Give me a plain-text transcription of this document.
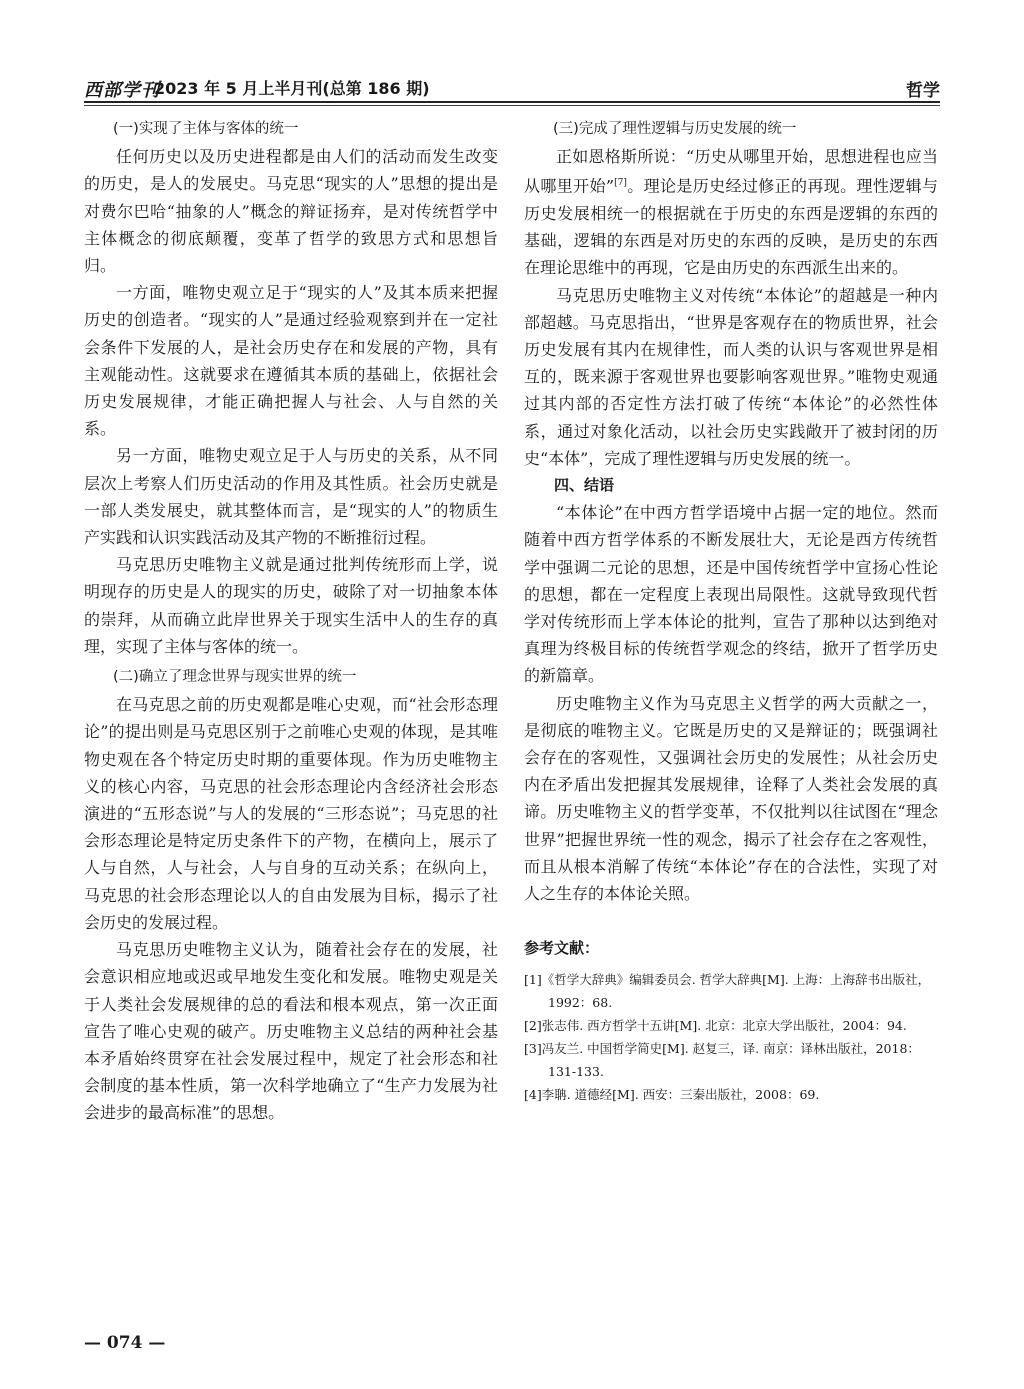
西部学刊
2023 年 5 月上半月刊(总第 186 期)	哲学

(一)实现了主体与客体的统一

任何历史以及历史进程都是由人们的活动而发生改变的历史，是人的发展史。马克思“现实的人”思想的提出是对费尔巴哈“抽象的人”概念的辩证扬弃，是对传统哲学中主体概念的彻底颠覆，变革了哲学的致思方式和思想旨归。

一方面，唯物史观立足于“现实的人”及其本质来把握历史的创造者。“现实的人”是通过经验观察到并在一定社会条件下发展的人，是社会历史存在和发展的产物，具有主观能动性。这就要求在遵循其本质的基础上，依据社会历史发展规律，才能正确把握人与社会、人与自然的关系。

另一方面，唯物史观立足于人与历史的关系，从不同层次上考察人们历史活动的作用及其性质。社会历史就是一部人类发展史，就其整体而言，是“现实的人”的物质生产实践和认识实践活动及其产物的不断推衍过程。

马克思历史唯物主义就是通过批判传统形而上学，说明现存的历史是人的现实的历史，破除了对一切抽象本体的崇拜，从而确立此岸世界关于现实生活中人的生存的真理，实现了主体与客体的统一。

(二)确立了理念世界与现实世界的统一

在马克思之前的历史观都是唯心史观，而“社会形态理论”的提出则是马克思区别于之前唯心史观的体现，是其唯物史观在各个特定历史时期的重要体现。作为历史唯物主义的核心内容，马克思的社会形态理论内含经济社会形态演进的“五形态说”与人的发展的“三形态说”；马克思的社会形态理论是特定历史条件下的产物，在横向上，展示了人与自然，人与社会，人与自身的互动关系；在纵向上，马克思的社会形态理论以人的自由发展为目标，揭示了社会历史的发展过程。

马克思历史唯物主义认为，随着社会存在的发展，社会意识相应地或迟或早地发生变化和发展。唯物史观是关于人类社会发展规律的总的看法和根本观点，第一次正面宣告了唯心史观的破产。历史唯物主义总结的两种社会基本矛盾始终贯穿在社会发展过程中，规定了社会形态和社会制度的基本性质，第一次科学地确立了“生产力发展为社会进步的最高标准”的思想。

(三)完成了理性逻辑与历史发展的统一

正如恩格斯所说：“历史从哪里开始，思想进程也应当从哪里开始”[7]。理论是历史经过修正的再现。理性逻辑与历史发展相统一的根据就在于历史的东西是逻辑的东西的基础，逻辑的东西是对历史的东西的反映，是历史的东西在理论思维中的再现，它是由历史的东西派生出来的。

马克思历史唯物主义对传统“本体论”的超越是一种内部超越。马克思指出，“世界是客观存在的物质世界，社会历史发展有其内在规律性，而人类的认识与客观世界是相互的，既来源于客观世界也要影响客观世界。”唯物史观通过其内部的否定性方法打破了传统“本体论”的必然性体系，通过对象化活动，以社会历史实践敞开了被封闭的历史“本体”，完成了理性逻辑与历史发展的统一。

四、结语

“本体论”在中西方哲学语境中占据一定的地位。然而随着中西方哲学体系的不断发展壮大，无论是西方传统哲学中强调二元论的思想，还是中国传统哲学中宣扬心性论的思想，都在一定程度上表现出局限性。这就导致现代哲学对传统形而上学本体论的批判，宣告了那种以达到绝对真理为终极目标的传统哲学观念的终结，掀开了哲学历史的新篇章。

历史唯物主义作为马克思主义哲学的两大贡献之一，是彻底的唯物主义。它既是历史的又是辩证的；既强调社会存在的客观性，又强调社会历史的发展性；从社会历史内在矛盾出发把握其发展规律，诠释了人类社会发展的真谛。历史唯物主义的哲学变革，不仅批判以往试图在“理念世界”把握世界统一性的观念，揭示了社会存在之客观性，而且从根本消解了传统“本体论”存在的合法性，实现了对人之生存的本体论关照。

参考文献：

[1]《哲学大辞典》编辑委员会. 哲学大辞典[M]. 上海：上海辞书出版社，1992：68.

[2]张志伟. 西方哲学十五讲[M]. 北京：北京大学出版社，2004：94.

[3]冯友兰. 中国哲学简史[M]. 赵复三，译. 南京：译林出版社，2018：131-133.

[4]李聃. 道德经[M]. 西安：三秦出版社，2008：69.

— 074 —
